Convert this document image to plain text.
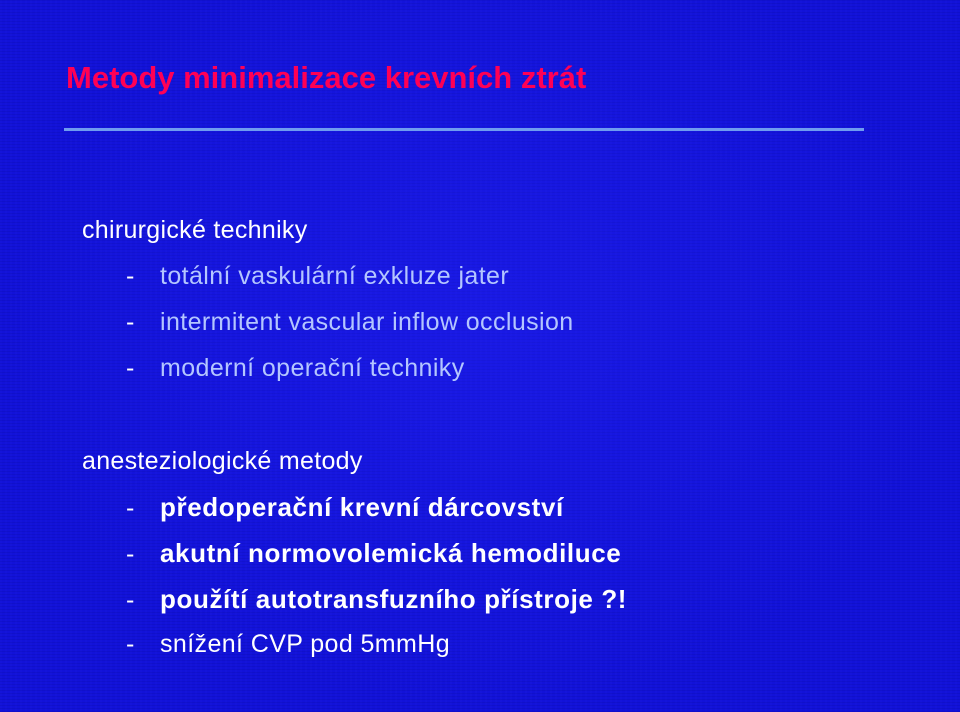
Metody minimalizace krevních ztrát
chirurgické techniky
-	totální vaskulární exkluze jater
-	intermitent vascular inflow occlusion
-	moderní operační techniky
anesteziologické metody
- předoperační krevní dárcovství
- akutní normovolemická hemodiluce
- použítí autotransfuzního přístroje ?!
-	snížení CVP pod 5mmHg
